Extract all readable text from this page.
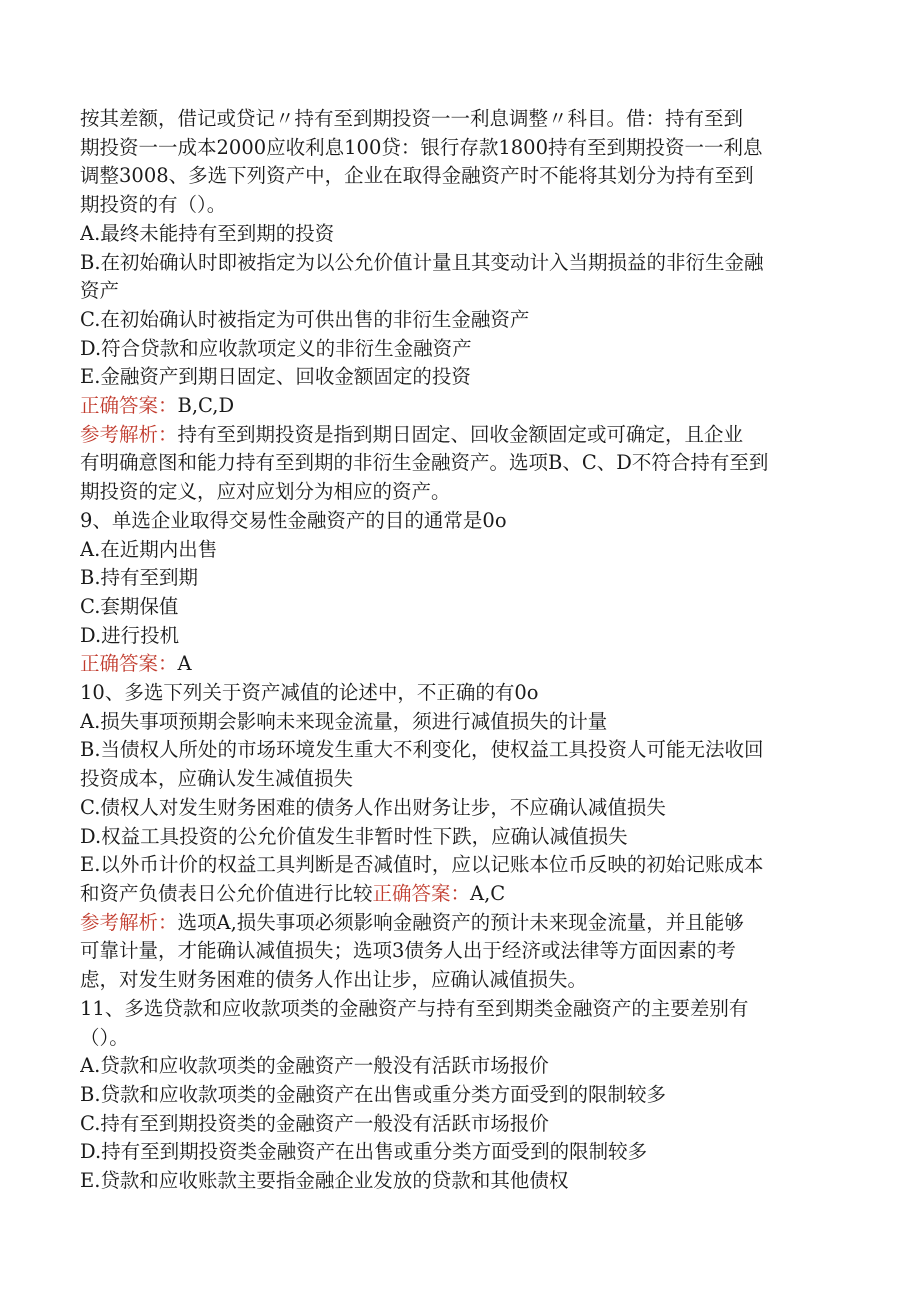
按其差额，借记或贷记〃持有至到期投资一一利息调整〃科目。借：持有至到
期投资一一成本2000应收利息100贷：银行存款1800持有至到期投资一一利息
调整3008、多选下列资产中，企业在取得金融资产时不能将其划分为持有至到
期投资的有（）。
A.最终未能持有至到期的投资
B.在初始确认时即被指定为以公允价值计量且其变动计入当期损益的非衍生金融
资产
C.在初始确认时被指定为可供出售的非衍生金融资产
D.符合贷款和应收款项定义的非衍生金融资产
E.金融资产到期日固定、回收金额固定的投资
正确答案：B,C,D
参考解析：持有至到期投资是指到期日固定、回收金额固定或可确定，且企业
有明确意图和能力持有至到期的非衍生金融资产。选项B、C、D不符合持有至到
期投资的定义，应对应划分为相应的资产。
9、单选企业取得交易性金融资产的目的通常是0o
A.在近期内出售
B.持有至到期
C.套期保值
D.进行投机
正确答案：A
10、多选下列关于资产减值的论述中，不正确的有0o
A.损失事项预期会影响未来现金流量，须进行减值损失的计量
B.当债权人所处的市场环境发生重大不利变化，使权益工具投资人可能无法收回
投资成本，应确认发生减值损失
C.债权人对发生财务困难的债务人作出财务让步，不应确认减值损失
D.权益工具投资的公允价值发生非暂时性下跌，应确认减值损失
E.以外币计价的权益工具判断是否减值时，应以记账本位币反映的初始记账成本
和资产负债表日公允价值进行比较正确答案：A,C
参考解析：选项A,损失事项必须影响金融资产的预计未来现金流量，并且能够
可靠计量，才能确认减值损失；选项3债务人出于经济或法律等方面因素的考
虑，对发生财务困难的债务人作出让步，应确认减值损失。
11、多选贷款和应收款项类的金融资产与持有至到期类金融资产的主要差别有
（）。
A.贷款和应收款项类的金融资产一般没有活跃市场报价
B.贷款和应收款项类的金融资产在出售或重分类方面受到的限制较多
C.持有至到期投资类的金融资产一般没有活跃市场报价
D.持有至到期投资类金融资产在出售或重分类方面受到的限制较多
E.贷款和应收账款主要指金融企业发放的贷款和其他债权
